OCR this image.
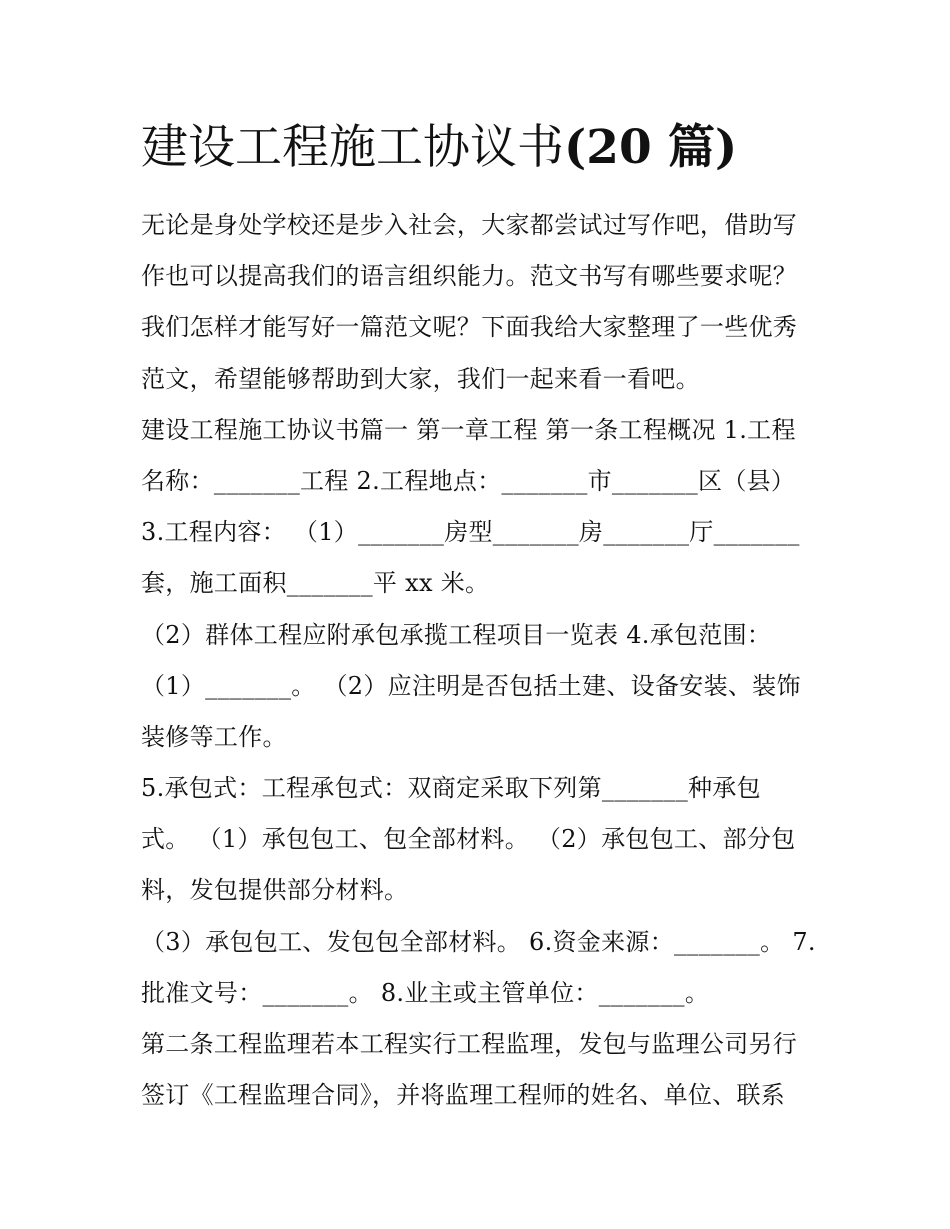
建设工程施工协议书(20 篇)

无论是身处学校还是步入社会，大家都尝试过写作吧，借助写
作也可以提高我们的语言组织能力。范文书写有哪些要求呢？
我们怎样才能写好一篇范文呢？下面我给大家整理了一些优秀
范文，希望能够帮助到大家，我们一起来看一看吧。

建设工程施工协议书篇一 第一章工程 第一条工程概况 1.工程
名称：_______工程 2.工程地点：_______市_______区（县）
3.工程内容： （1）_______房型_______房_______厅_______
套，施工面积_______平 xx 米。

（2）群体工程应附承包承揽工程项目一览表 4.承包范围：
（1）_______。 （2）应注明是否包括土建、设备安装、装饰
装修等工作。

5.承包式：工程承包式：双商定采取下列第_______种承包
式。 （1）承包包工、包全部材料。 （2）承包包工、部分包
料，发包提供部分材料。

（3）承包包工、发包包全部材料。 6.资金来源：_______。 7.
批准文号：_______。 8.业主或主管单位：_______。

第二条工程监理若本工程实行工程监理，发包与监理公司另行
签订《工程监理合同》，并将监理工程师的姓名、单位、联系
